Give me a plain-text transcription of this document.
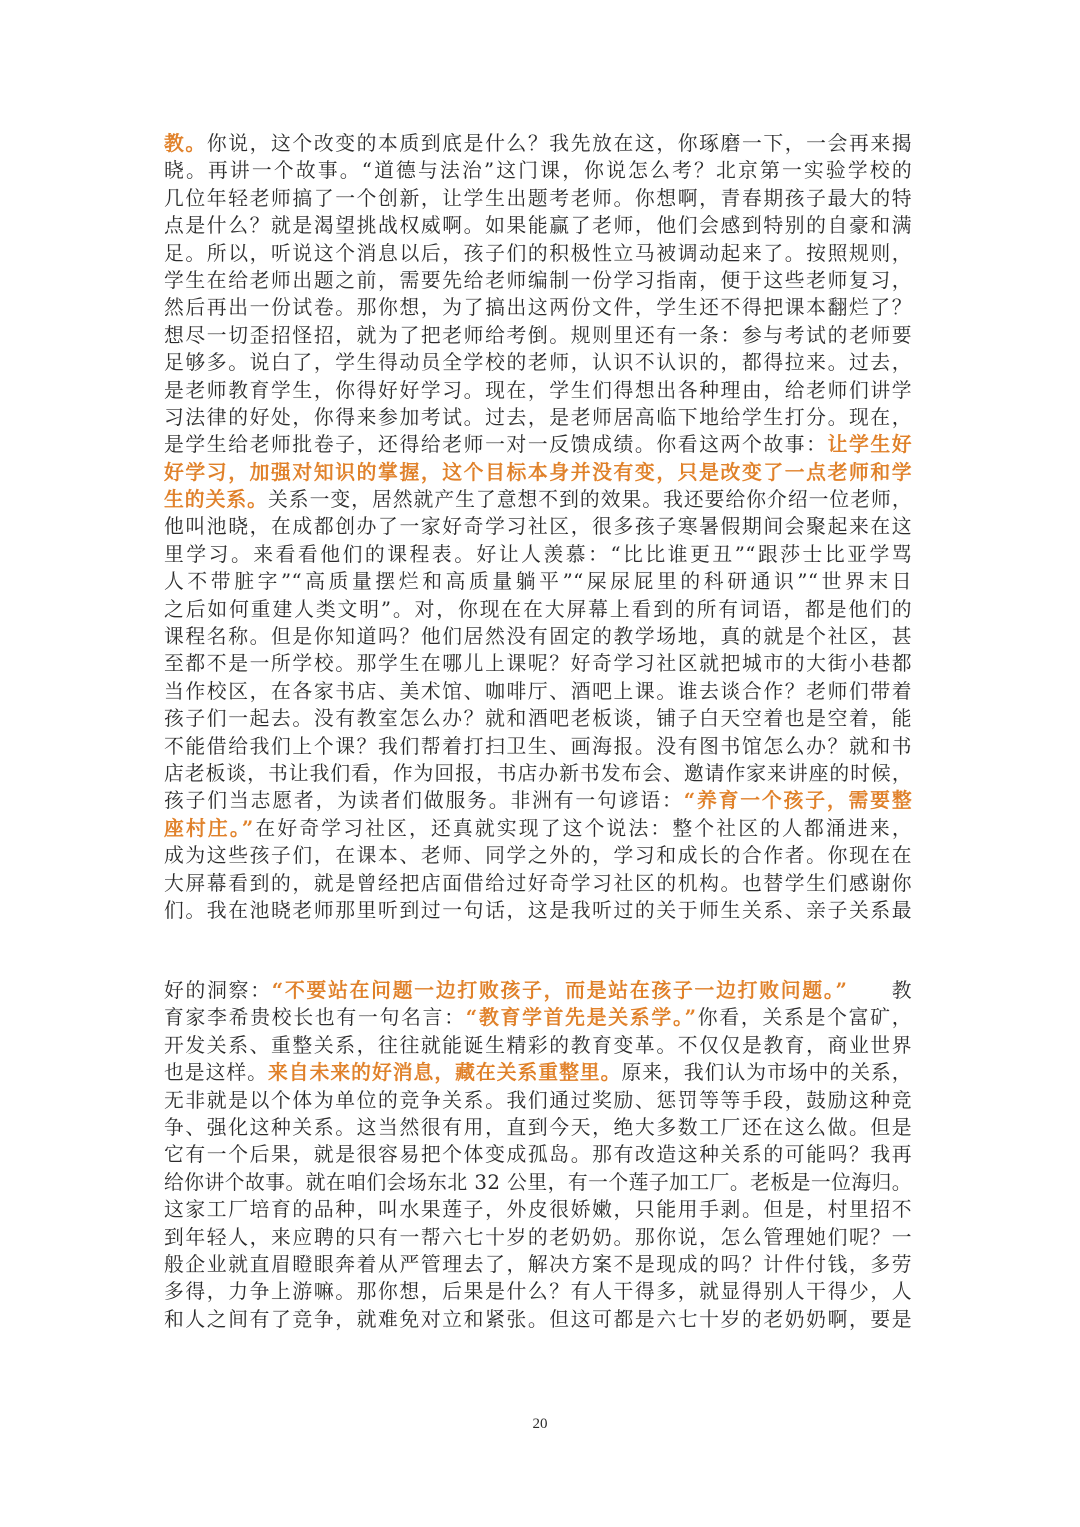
教。你说，这个改变的本质到底是什么？我先放在这，你琢磨一下，一会再来揭
晓。再讲一个故事。“道德与法治”这门课，你说怎么考？北京第一实验学校的
几位年轻老师搞了一个创新，让学生出题考老师。你想啊，青春期孩子最大的特
点是什么？就是渴望挑战权威啊。如果能赢了老师，他们会感到特别的自豪和满
足。所以，听说这个消息以后，孩子们的积极性立马被调动起来了。按照规则，
学生在给老师出题之前，需要先给老师编制一份学习指南，便于这些老师复习，
然后再出一份试卷。那你想，为了搞出这两份文件，学生还不得把课本翻烂了？
想尽一切歪招怪招，就为了把老师给考倒。规则里还有一条：参与考试的老师要
足够多。说白了，学生得动员全学校的老师，认识不认识的，都得拉来。过去，
是老师教育学生，你得好好学习。现在，学生们得想出各种理由，给老师们讲学
习法律的好处，你得来参加考试。过去，是老师居高临下地给学生打分。现在，
是学生给老师批卷子，还得给老师一对一反馈成绩。你看这两个故事：让学生好
好学习，加强对知识的掌握，这个目标本身并没有变，只是改变了一点老师和学
生的关系。关系一变，居然就产生了意想不到的效果。我还要给你介绍一位老师，
他叫池晓，在成都创办了一家好奇学习社区，很多孩子寒暑假期间会聚起来在这
里学习。来看看他们的课程表。好让人羡慕：“比比谁更丑”“跟莎士比亚学骂
人不带脏字”“高质量摆烂和高质量躺平”“屎尿屁里的科研通识”“世界末日
之后如何重建人类文明”。对，你现在在大屏幕上看到的所有词语，都是他们的
课程名称。但是你知道吗？他们居然没有固定的教学场地，真的就是个社区，甚
至都不是一所学校。那学生在哪儿上课呢？好奇学习社区就把城市的大街小巷都
当作校区，在各家书店、美术馆、咖啡厅、酒吧上课。谁去谈合作？老师们带着
孩子们一起去。没有教室怎么办？就和酒吧老板谈，铺子白天空着也是空着，能
不能借给我们上个课？我们帮着打扫卫生、画海报。没有图书馆怎么办？就和书
店老板谈，书让我们看，作为回报，书店办新书发布会、邀请作家来讲座的时候，
孩子们当志愿者，为读者们做服务。非洲有一句谚语：“养育一个孩子，需要整
座村庄。”在好奇学习社区，还真就实现了这个说法：整个社区的人都涌进来，
成为这些孩子们，在课本、老师、同学之外的，学习和成长的合作者。你现在在
大屏幕看到的，就是曾经把店面借给过好奇学习社区的机构。也替学生们感谢你
们。我在池晓老师那里听到过一句话，这是我听过的关于师生关系、亲子关系最
好的洞察：“不要站在问题一边打败孩子，而是站在孩子一边打败问题。”　　教
育家李希贵校长也有一句名言：“教育学首先是关系学。”你看，关系是个富矿，
开发关系、重整关系，往往就能诞生精彩的教育变革。不仅仅是教育，商业世界
也是这样。来自未来的好消息，藏在关系重整里。原来，我们认为市场中的关系，
无非就是以个体为单位的竞争关系。我们通过奖励、惩罚等等手段，鼓励这种竞
争、强化这种关系。这当然很有用，直到今天，绝大多数工厂还在这么做。但是
它有一个后果，就是很容易把个体变成孤岛。那有改造这种关系的可能吗？我再
给你讲个故事。就在咱们会场东北 32 公里，有一个莲子加工厂。老板是一位海归。
这家工厂培育的品种，叫水果莲子，外皮很娇嫩，只能用手剥。但是，村里招不
到年轻人，来应聘的只有一帮六七十岁的老奶奶。那你说，怎么管理她们呢？一
般企业就直眉瞪眼奔着从严管理去了，解决方案不是现成的吗？计件付钱，多劳
多得，力争上游嘛。那你想，后果是什么？有人干得多，就显得别人干得少，人
和人之间有了竞争，就难免对立和紧张。但这可都是六七十岁的老奶奶啊，要是
20
